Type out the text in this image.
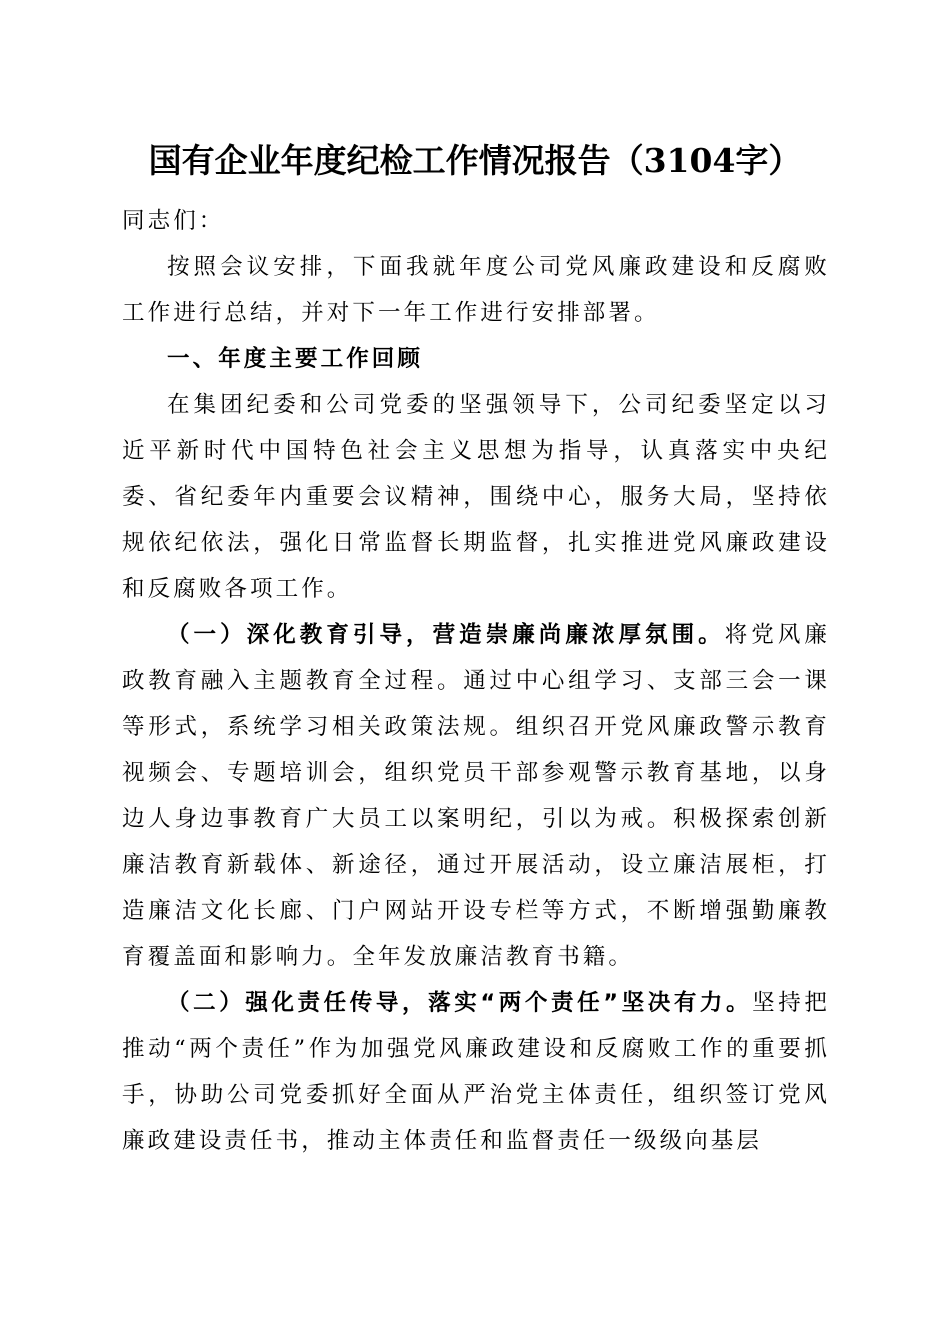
国有企业年度纪检工作情况报告（3104字）

同志们：

按照会议安排，下面我就年度公司党风廉政建设和反腐败工作进行总结，并对下一年工作进行安排部署。

一、年度主要工作回顾

在集团纪委和公司党委的坚强领导下，公司纪委坚定以习近平新时代中国特色社会主义思想为指导，认真落实中央纪委、省纪委年内重要会议精神，围绕中心，服务大局，坚持依规依纪依法，强化日常监督长期监督，扎实推进党风廉政建设和反腐败各项工作。

（一）深化教育引导，营造崇廉尚廉浓厚氛围。将党风廉政教育融入主题教育全过程。通过中心组学习、支部三会一课等形式，系统学习相关政策法规。组织召开党风廉政警示教育视频会、专题培训会，组织党员干部参观警示教育基地，以身边人身边事教育广大员工以案明纪，引以为戒。积极探索创新廉洁教育新载体、新途径，通过开展活动，设立廉洁展柜，打造廉洁文化长廊、门户网站开设专栏等方式，不断增强勤廉教育覆盖面和影响力。全年发放廉洁教育书籍。

（二）强化责任传导，落实“两个责任”坚决有力。坚持把推动“两个责任”作为加强党风廉政建设和反腐败工作的重要抓手，协助公司党委抓好全面从严治党主体责任，组织签订党风廉政建设责任书，推动主体责任和监督责任一级级向基层
